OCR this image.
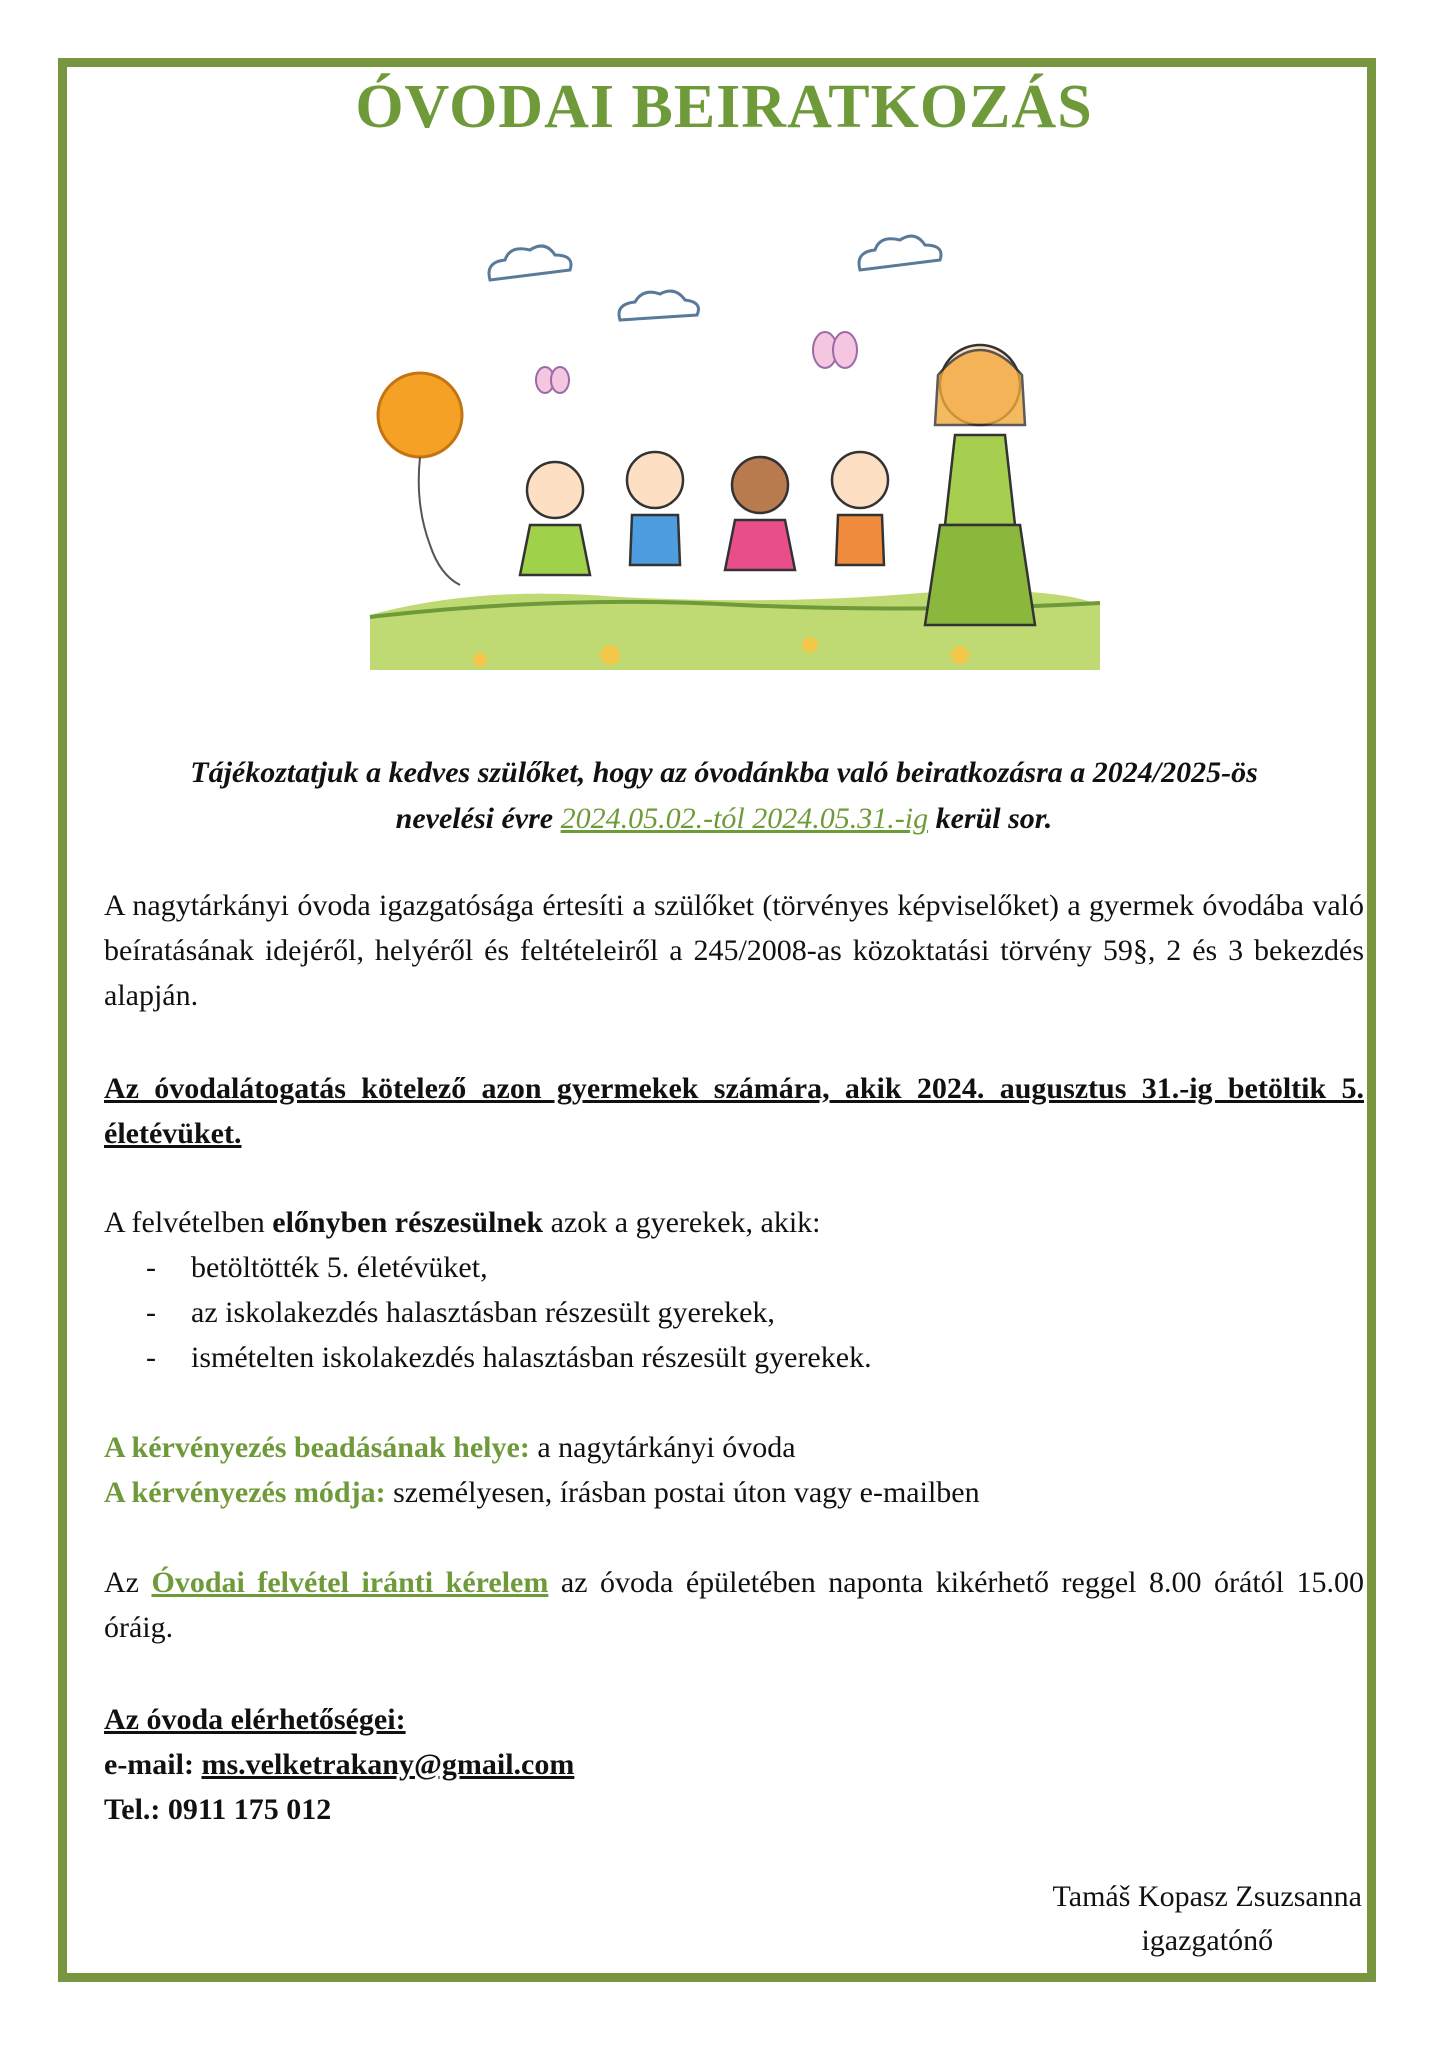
ÓVODAI BEIRATKOZÁS
Tájékoztatjuk a kedves szülőket, hogy az óvodánkba való beiratkozásra a 2024/2025-ös
nevelési évre 2024.05.02.-tól 2024.05.31.-ig kerül sor.
A nagytárkányi óvoda igazgatósága értesíti a szülőket (törvényes képviselőket) a gyermek óvodába való beíratásának idejéről, helyéről és feltételeiről a 245/2008-as közoktatási törvény 59§, 2 és 3 bekezdés alapján.
Az óvodalátogatás kötelező azon gyermekek számára, akik 2024. augusztus 31.-ig betöltik 5. életévüket.
A felvételben előnyben részesülnek azok a gyerekek, akik:
- betöltötték 5. életévüket,
- az iskolakezdés halasztásban részesült gyerekek,
- ismételten iskolakezdés halasztásban részesült gyerekek.
A kérvényezés beadásának helye: a nagytárkányi óvoda
A kérvényezés módja: személyesen, írásban postai úton vagy e-mailben
Az Óvodai felvétel iránti kérelem az óvoda épületében naponta kikérhető reggel 8.00 órától 15.00 óráig.
Az óvoda elérhetőségei:
e-mail: ms.velketrakany@gmail.com
Tel.: 0911 175 012
Tamáš Kopasz Zsuzsanna
igazgatónő
